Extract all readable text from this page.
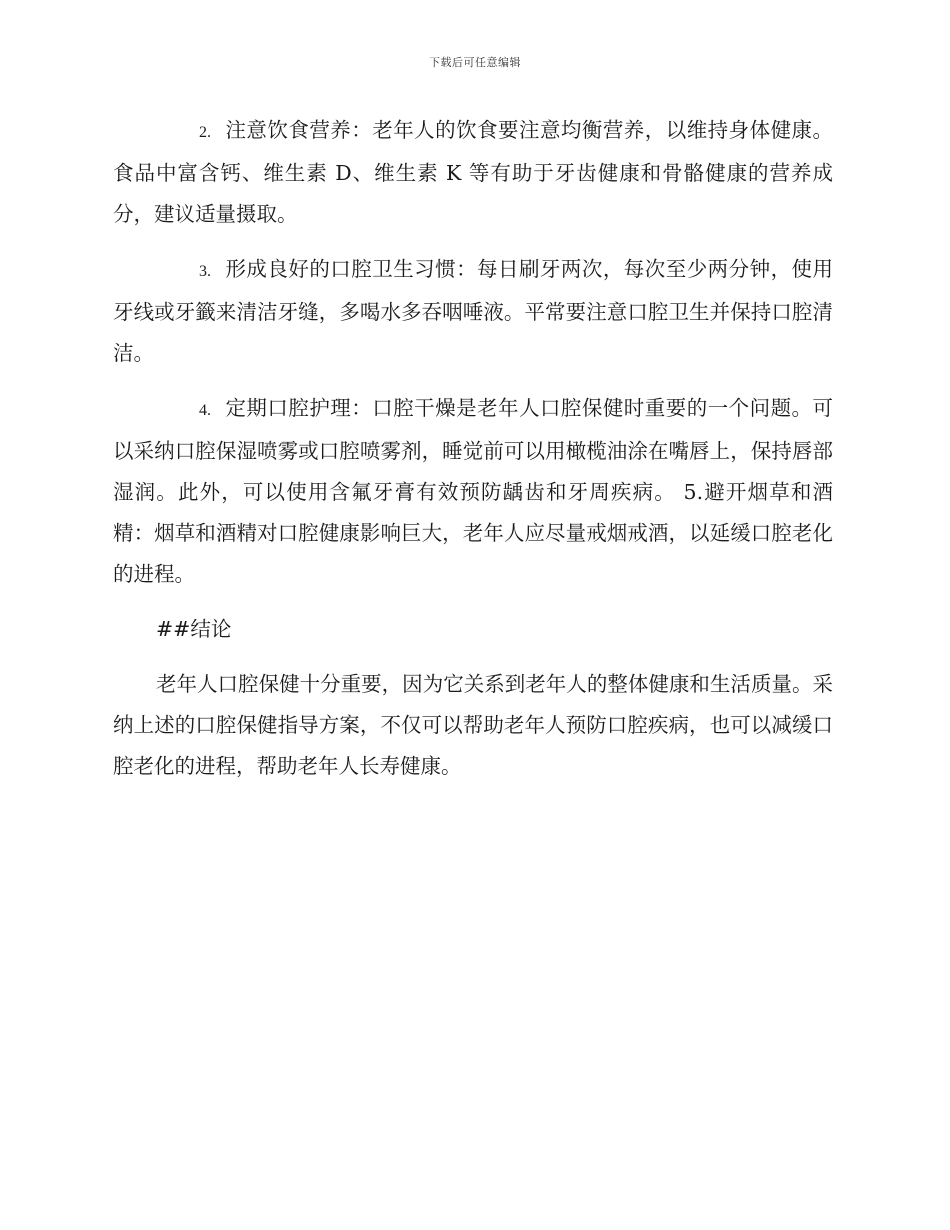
下载后可任意编辑

2. 注意饮食营养：老年人的饮食要注意均衡营养，以维持身体健康。食品中富含钙、维生素 D、维生素 K 等有助于牙齿健康和骨骼健康的营养成分，建议适量摄取。

3. 形成良好的口腔卫生习惯：每日刷牙两次，每次至少两分钟，使用牙线或牙籤来清洁牙缝，多喝水多吞咽唾液。平常要注意口腔卫生并保持口腔清洁。

4. 定期口腔护理：口腔干燥是老年人口腔保健时重要的一个问题。可以采纳口腔保湿喷雾或口腔喷雾剂，睡觉前可以用橄榄油涂在嘴唇上，保持唇部湿润。此外，可以使用含氟牙膏有效预防龋齿和牙周疾病。 5.避开烟草和酒精：烟草和酒精对口腔健康影响巨大，老年人应尽量戒烟戒酒，以延缓口腔老化的进程。

##结论

老年人口腔保健十分重要，因为它关系到老年人的整体健康和生活质量。采纳上述的口腔保健指导方案，不仅可以帮助老年人预防口腔疾病，也可以减缓口腔老化的进程，帮助老年人长寿健康。
